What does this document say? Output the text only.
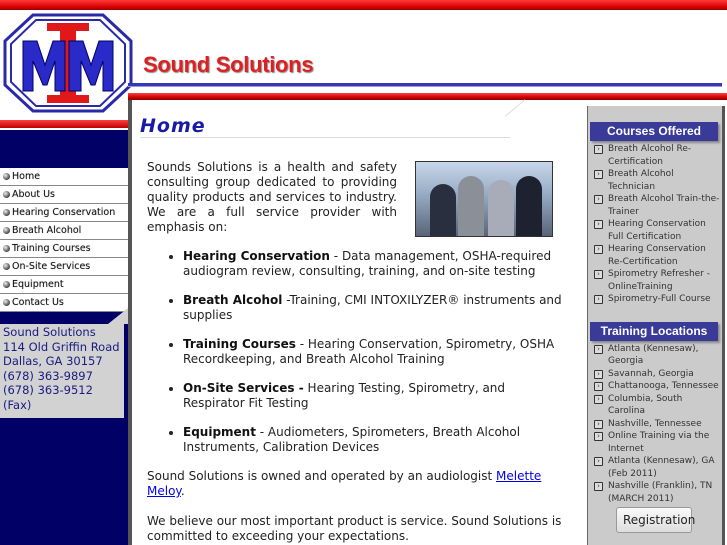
Sound Solutions
Home
Home
About Us
Hearing Conservation
Breath Alcohol
Training Courses
On-Site Services
Equipment
Contact Us
Sound Solutions
114 Old Griffin Road
Dallas, GA 30157
(678) 363-9897
(678) 363-9512
(Fax)

Sounds Solutions is a health and safety consulting group dedicated to providing quality products and services to industry. We are a full service provider with emphasis on:

• Hearing Conservation - Data management, OSHA-required audiogram review, consulting, training, and on-site testing
• Breath Alcohol -Training, CMI INTOXILYZER® instruments and supplies
• Training Courses - Hearing Conservation, Spirometry, OSHA Recordkeeping, and Breath Alcohol Training
• On-Site Services - Hearing Testing, Spirometry, and Respirator Fit Testing
• Equipment - Audiometers, Spirometers, Breath Alcohol Instruments, Calibration Devices

Sound Solutions is owned and operated by an audiologist Melette Meloy.

We believe our most important product is service. Sound Solutions is committed to exceeding your expectations.

Courses Offered
› Breath Alcohol Re-Certification
› Breath Alcohol Technician
› Breath Alcohol Train-the-Trainer
› Hearing Conservation Full Certification
› Hearing Conservation Re-Certification
› Spirometry Refresher - OnlineTraining
› Spirometry-Full Course
Training Locations
› Atlanta (Kennesaw), Georgia
› Savannah, Georgia
› Chattanooga, Tennessee
› Columbia, South Carolina
› Nashville, Tennessee
› Online Training via the Internet
› Atlanta (Kennesaw), GA (Feb 2011)
› Nashville (Franklin), TN (MARCH 2011)
Registration
